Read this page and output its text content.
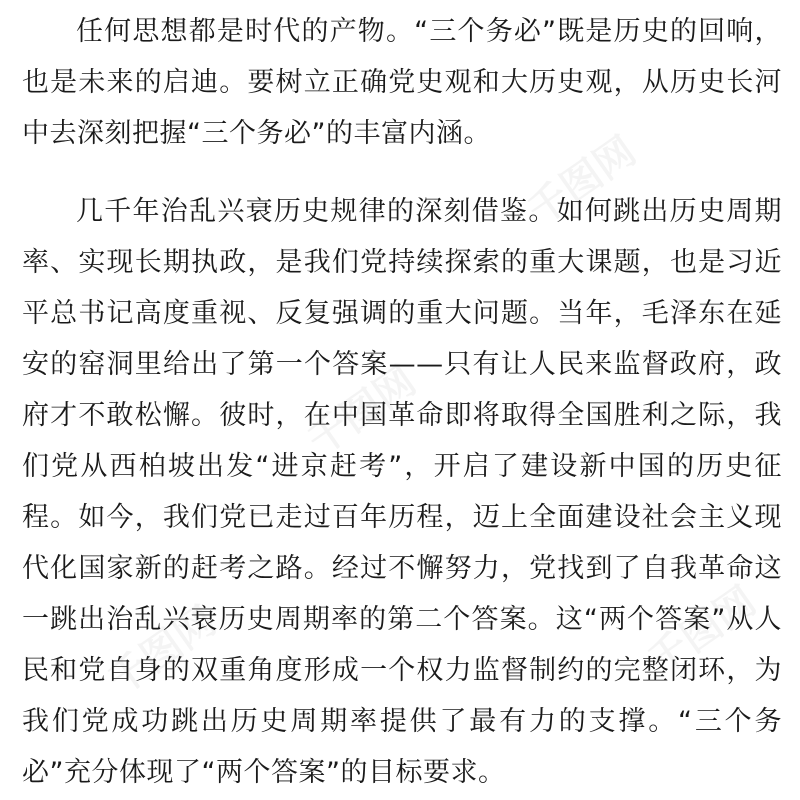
任何思想都是时代的产物。“三个务必”既是历史的回响，也是未来的启迪。要树立正确党史观和大历史观，从历史长河中去深刻把握“三个务必”的丰富内涵。

几千年治乱兴衰历史规律的深刻借鉴。如何跳出历史周期率、实现长期执政，是我们党持续探索的重大课题，也是习近平总书记高度重视、反复强调的重大问题。当年，毛泽东在延安的窑洞里给出了第一个答案——只有让人民来监督政府，政府才不敢松懈。彼时，在中国革命即将取得全国胜利之际，我们党从西柏坡出发“进京赶考”，开启了建设新中国的历史征程。如今，我们党已走过百年历程，迈上全面建设社会主义现代化国家新的赶考之路。经过不懈努力，党找到了自我革命这一跳出治乱兴衰历史周期率的第二个答案。这“两个答案”从人民和党自身的双重角度形成一个权力监督制约的完整闭环，为我们党成功跳出历史周期率提供了最有力的支撑。“三个务必”充分体现了“两个答案”的目标要求。
